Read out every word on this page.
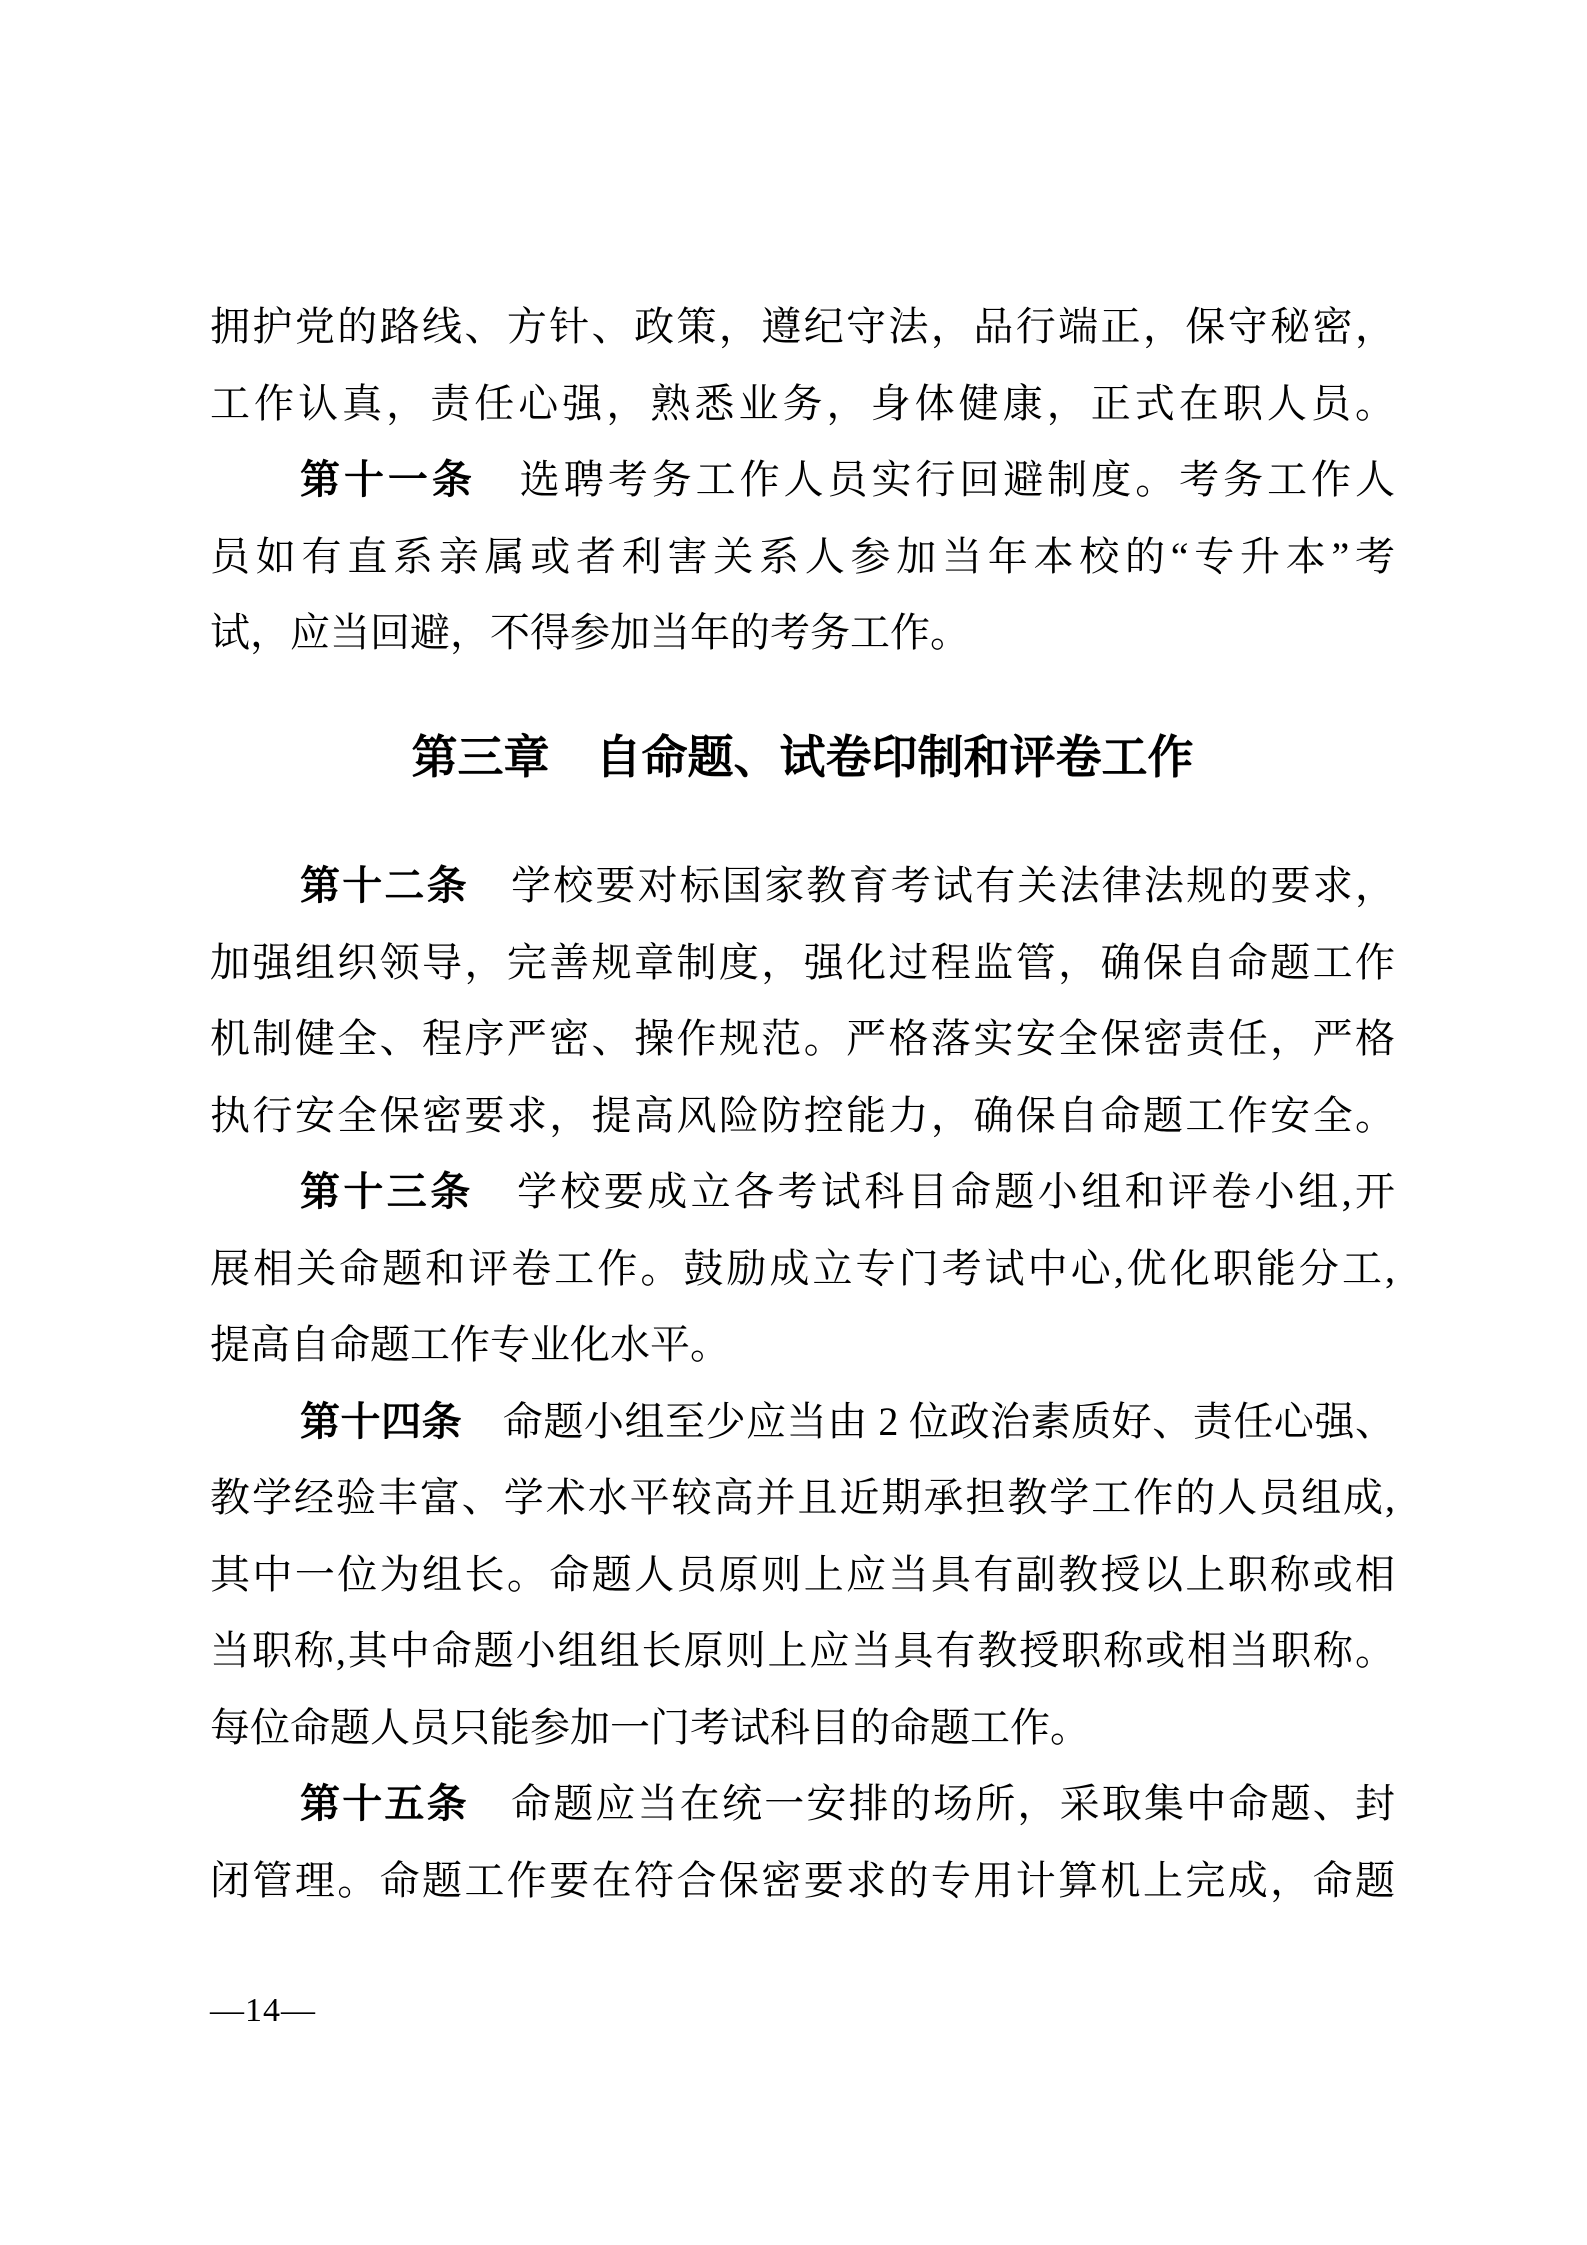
拥护党的路线、方针、政策，遵纪守法，品行端正，保守秘密，
工作认真，责任心强，熟悉业务，身体健康，正式在职人员。
第十一条　选聘考务工作人员实行回避制度。考务工作人
员如有直系亲属或者利害关系人参加当年本校的“专升本”考
试，应当回避，不得参加当年的考务工作。
第三章　自命题、试卷印制和评卷工作
第十二条　学校要对标国家教育考试有关法律法规的要求，
加强组织领导，完善规章制度，强化过程监管，确保自命题工作
机制健全、程序严密、操作规范。严格落实安全保密责任，严格
执行安全保密要求，提高风险防控能力，确保自命题工作安全。
第十三条　学校要成立各考试科目命题小组和评卷小组,开
展相关命题和评卷工作。鼓励成立专门考试中心,优化职能分工,
提高自命题工作专业化水平。
第十四条　命题小组至少应当由 2 位政治素质好、责任心强、
教学经验丰富、学术水平较高并且近期承担教学工作的人员组成,
其中一位为组长。命题人员原则上应当具有副教授以上职称或相
当职称,其中命题小组组长原则上应当具有教授职称或相当职称。
每位命题人员只能参加一门考试科目的命题工作。
第十五条　命题应当在统一安排的场所，采取集中命题、封
闭管理。命题工作要在符合保密要求的专用计算机上完成，命题
—14—
